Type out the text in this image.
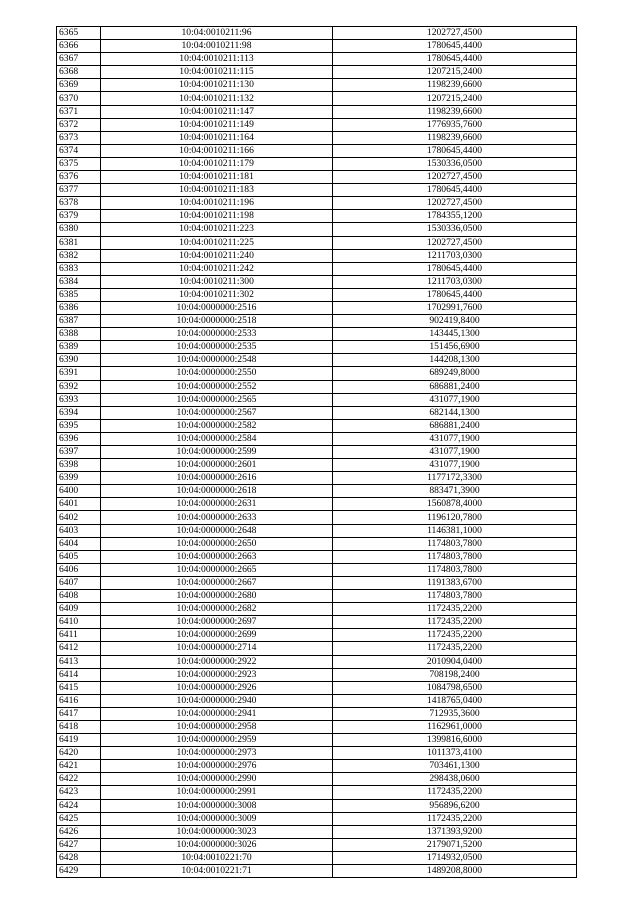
6365	10:04:0010211:96	1202727,4500
6366	10:04:0010211:98	1780645,4400
6367	10:04:0010211:113	1780645,4400
6368	10:04:0010211:115	1207215,2400
6369	10:04:0010211:130	1198239,6600
6370	10:04:0010211:132	1207215,2400
6371	10:04:0010211:147	1198239,6600
6372	10:04:0010211:149	1776935,7600
6373	10:04:0010211:164	1198239,6600
6374	10:04:0010211:166	1780645,4400
6375	10:04:0010211:179	1530336,0500
6376	10:04:0010211:181	1202727,4500
6377	10:04:0010211:183	1780645,4400
6378	10:04:0010211:196	1202727,4500
6379	10:04:0010211:198	1784355,1200
6380	10:04:0010211:223	1530336,0500
6381	10:04:0010211:225	1202727,4500
6382	10:04:0010211:240	1211703,0300
6383	10:04:0010211:242	1780645,4400
6384	10:04:0010211:300	1211703,0300
6385	10:04:0010211:302	1780645,4400
6386	10:04:0000000:2516	1702991,7600
6387	10:04:0000000:2518	902419,8400
6388	10:04:0000000:2533	143445,1300
6389	10:04:0000000:2535	151456,6900
6390	10:04:0000000:2548	144208,1300
6391	10:04:0000000:2550	689249,8000
6392	10:04:0000000:2552	686881,2400
6393	10:04:0000000:2565	431077,1900
6394	10:04:0000000:2567	682144,1300
6395	10:04:0000000:2582	686881,2400
6396	10:04:0000000:2584	431077,1900
6397	10:04:0000000:2599	431077,1900
6398	10:04:0000000:2601	431077,1900
6399	10:04:0000000:2616	1177172,3300
6400	10:04:0000000:2618	883471,3900
6401	10:04:0000000:2631	1560878,4000
6402	10:04:0000000:2633	1196120,7800
6403	10:04:0000000:2648	1146381,1000
6404	10:04:0000000:2650	1174803,7800
6405	10:04:0000000:2663	1174803,7800
6406	10:04:0000000:2665	1174803,7800
6407	10:04:0000000:2667	1191383,6700
6408	10:04:0000000:2680	1174803,7800
6409	10:04:0000000:2682	1172435,2200
6410	10:04:0000000:2697	1172435,2200
6411	10:04:0000000:2699	1172435,2200
6412	10:04:0000000:2714	1172435,2200
6413	10:04:0000000:2922	2010904,0400
6414	10:04:0000000:2923	708198,2400
6415	10:04:0000000:2926	1084798,6500
6416	10:04:0000000:2940	1418765,0400
6417	10:04:0000000:2941	712935,3600
6418	10:04:0000000:2958	1162961,0000
6419	10:04:0000000:2959	1399816,6000
6420	10:04:0000000:2973	1011373,4100
6421	10:04:0000000:2976	703461,1300
6422	10:04:0000000:2990	298438,0600
6423	10:04:0000000:2991	1172435,2200
6424	10:04:0000000:3008	956896,6200
6425	10:04:0000000:3009	1172435,2200
6426	10:04:0000000:3023	1371393,9200
6427	10:04:0000000:3026	2179071,5200
6428	10:04:0010221:70	1714932,0500
6429	10:04:0010221:71	1489208,8000
